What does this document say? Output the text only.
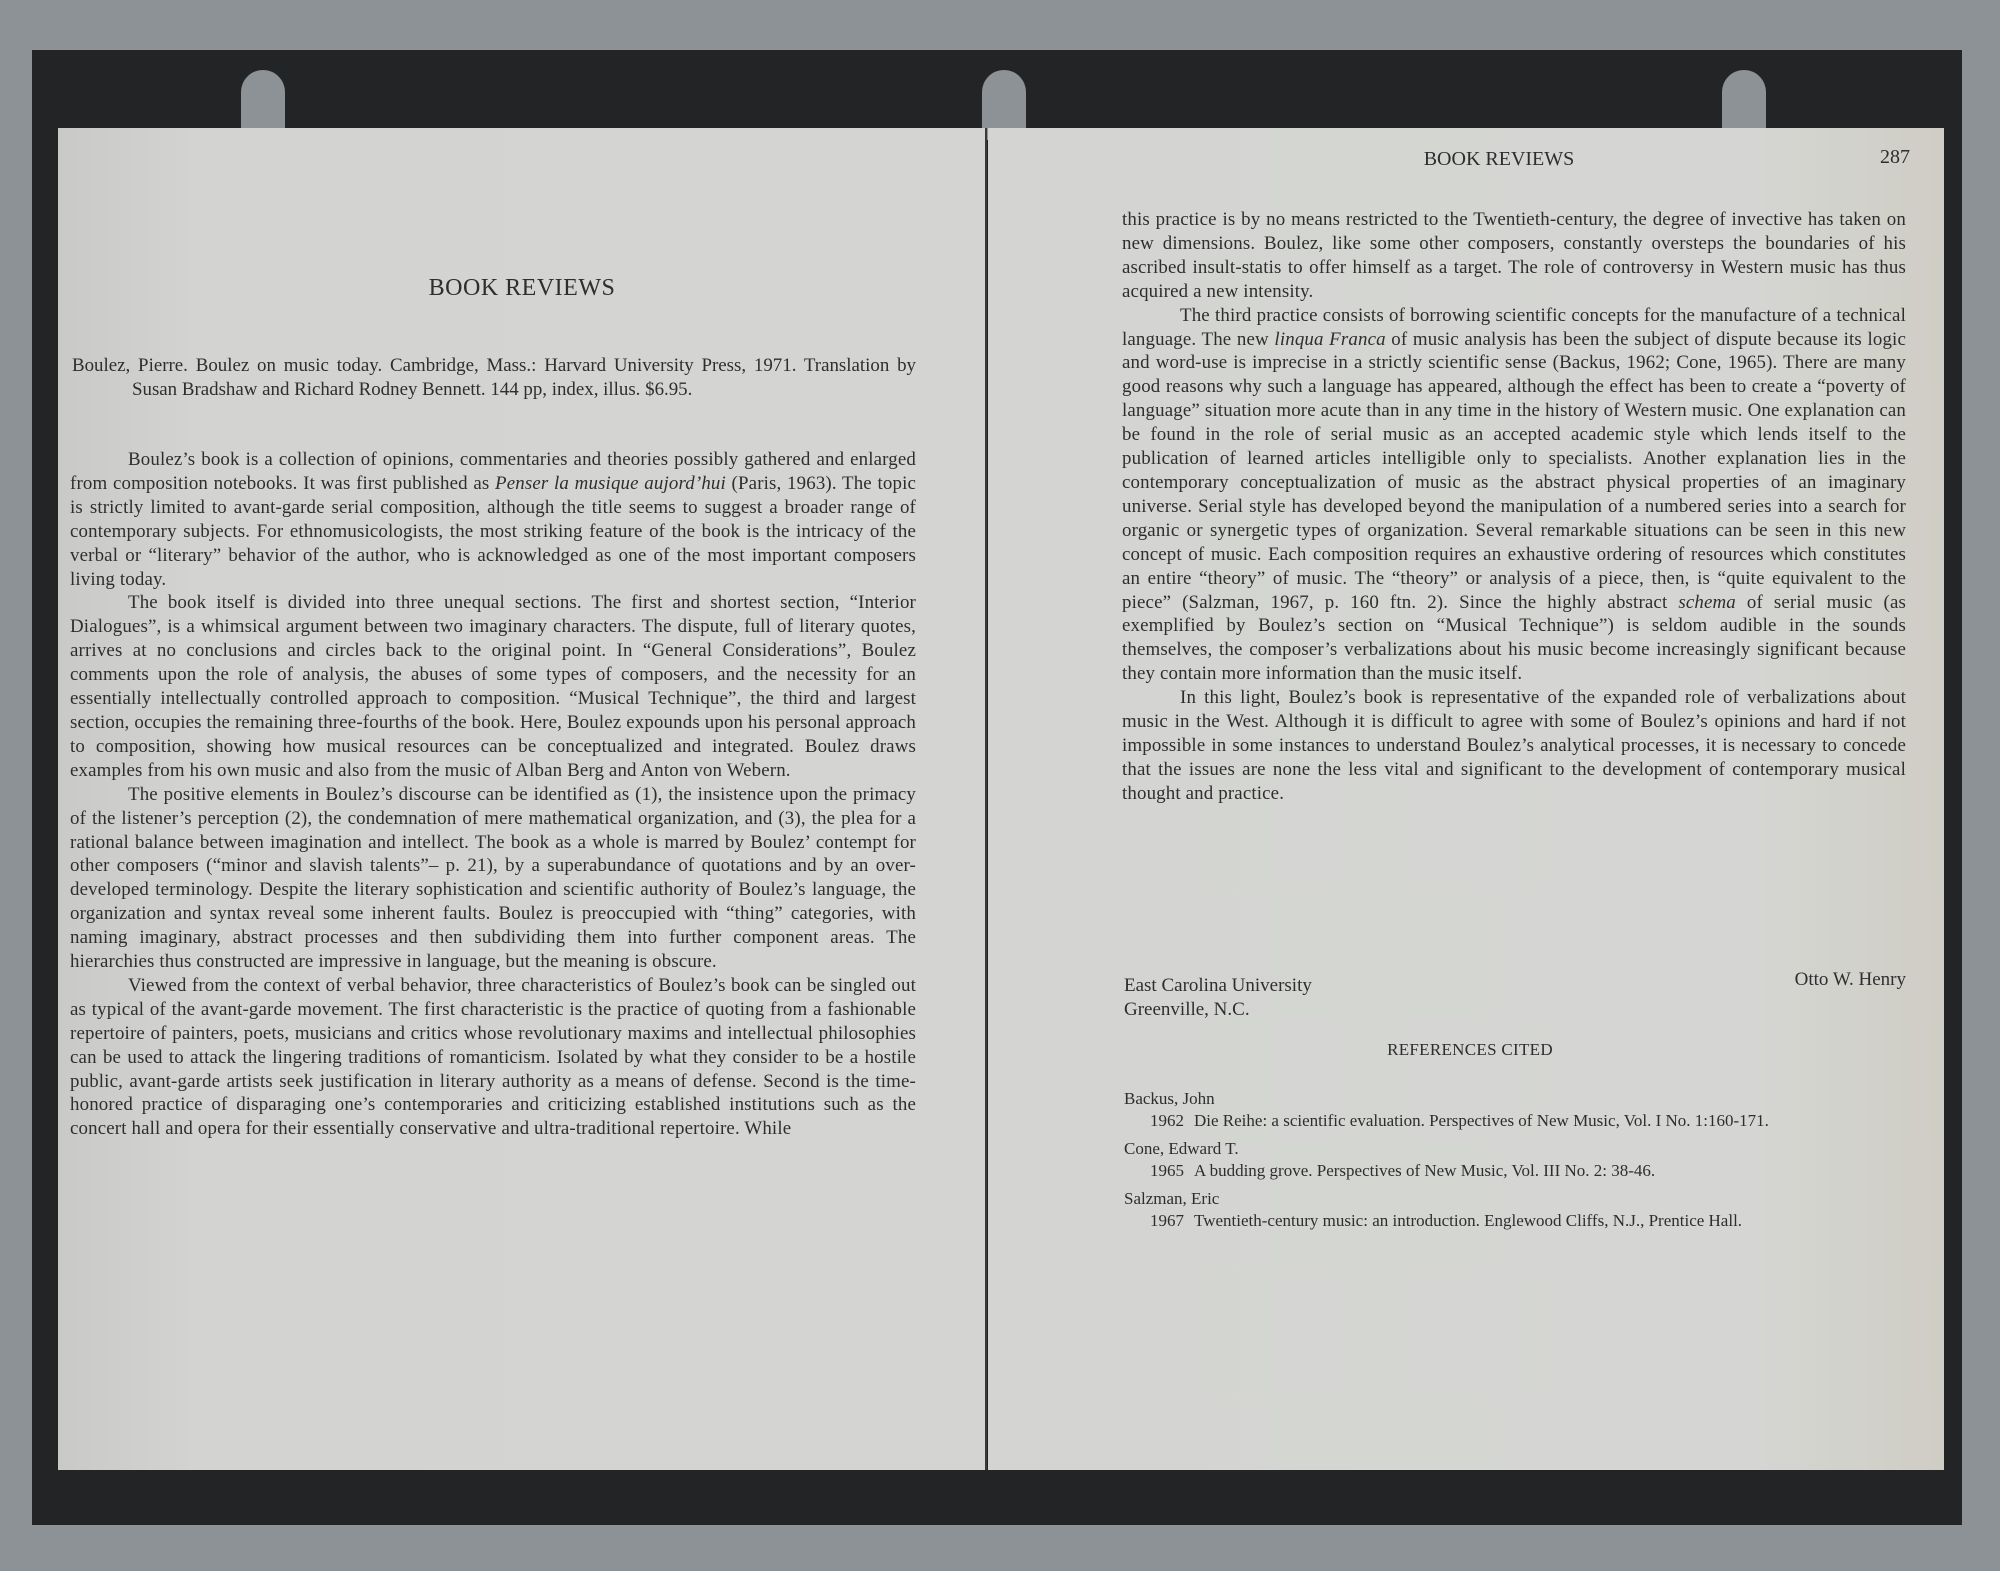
BOOK REVIEWS
Boulez, Pierre. Boulez on music today. Cambridge, Mass.: Harvard University Press, 1971. Translation by Susan Bradshaw and Richard Rodney Bennett. 144 pp, index, illus. $6.95.

Boulez’s book is a collection of opinions, commentaries and theories possibly gathered and enlarged from composition notebooks. It was first published as Penser la musique aujord’hui (Paris, 1963). The topic is strictly limited to avant-garde serial composition, although the title seems to suggest a broader range of contemporary subjects. For ethnomusicologists, the most striking feature of the book is the intricacy of the verbal or “literary” behavior of the author, who is acknowledged as one of the most important composers living today.

The book itself is divided into three unequal sections. The first and shortest section, “Interior Dialogues”, is a whimsical argument between two imaginary characters. The dispute, full of literary quotes, arrives at no conclusions and circles back to the original point. In “General Considerations”, Boulez comments upon the role of analysis, the abuses of some types of composers, and the necessity for an essentially intellectually controlled approach to composition. “Musical Technique”, the third and largest section, occupies the remaining three-fourths of the book. Here, Boulez expounds upon his personal approach to composition, showing how musical resources can be conceptualized and integrated. Boulez draws examples from his own music and also from the music of Alban Berg and Anton von Webern.

The positive elements in Boulez’s discourse can be identified as (1), the insistence upon the primacy of the listener’s perception (2), the condemnation of mere mathematical organization, and (3), the plea for a rational balance between imagination and intellect. The book as a whole is marred by Boulez’ contempt for other composers (“minor and slavish talents”– p. 21), by a superabundance of quotations and by an over-developed terminology. Despite the literary sophistication and scientific authority of Boulez’s language, the organization and syntax reveal some inherent faults. Boulez is preoccupied with “thing” categories, with naming imaginary, abstract processes and then subdividing them into further component areas. The hierarchies thus constructed are impressive in language, but the meaning is obscure.

Viewed from the context of verbal behavior, three characteristics of Boulez’s book can be singled out as typical of the avant-garde movement. The first characteristic is the practice of quoting from a fashionable repertoire of painters, poets, musicians and critics whose revolutionary maxims and intellectual philosophies can be used to attack the lingering traditions of romanticism. Isolated by what they consider to be a hostile public, avant-garde artists seek justification in literary authority as a means of defense. Second is the time-honored practice of disparaging one’s contemporaries and criticizing established institutions such as the concert hall and opera for their essentially conservative and ultra-traditional repertoire. While

BOOK REVIEWS	287

this practice is by no means restricted to the Twentieth-century, the degree of invective has taken on new dimensions. Boulez, like some other composers, constantly oversteps the boundaries of his ascribed insult-statis to offer himself as a target. The role of controversy in Western music has thus acquired a new intensity.

The third practice consists of borrowing scientific concepts for the manufacture of a technical language. The new linqua Franca of music analysis has been the subject of dispute because its logic and word-use is imprecise in a strictly scientific sense (Backus, 1962; Cone, 1965). There are many good reasons why such a language has appeared, although the effect has been to create a “poverty of language” situation more acute than in any time in the history of Western music. One explanation can be found in the role of serial music as an accepted academic style which lends itself to the publication of learned articles intelligible only to specialists. Another explanation lies in the contemporary conceptualization of music as the abstract physical properties of an imaginary universe. Serial style has developed beyond the manipulation of a numbered series into a search for organic or synergetic types of organization. Several remarkable situations can be seen in this new concept of music. Each composition requires an exhaustive ordering of resources which constitutes an entire “theory” of music. The “theory” or analysis of a piece, then, is “quite equivalent to the piece” (Salzman, 1967, p. 160 ftn. 2). Since the highly abstract schema of serial music (as exemplified by Boulez’s section on “Musical Technique”) is seldom audible in the sounds themselves, the composer’s verbalizations about his music become increasingly significant because they contain more information than the music itself.

In this light, Boulez’s book is representative of the expanded role of verbalizations about music in the West. Although it is difficult to agree with some of Boulez’s opinions and hard if not impossible in some instances to understand Boulez’s analytical processes, it is necessary to concede that the issues are none the less vital and significant to the development of contemporary musical thought and practice.

East Carolina University
Greenville, N.C.
Otto W. Henry
REFERENCES CITED
Backus, John
1962 Die Reihe: a scientific evaluation. Perspectives of New Music, Vol. I No. 1:160-171.
Cone, Edward T.
1965 A budding grove. Perspectives of New Music, Vol. III No. 2: 38-46.
Salzman, Eric
1967 Twentieth-century music: an introduction. Englewood Cliffs, N.J., Prentice Hall.
